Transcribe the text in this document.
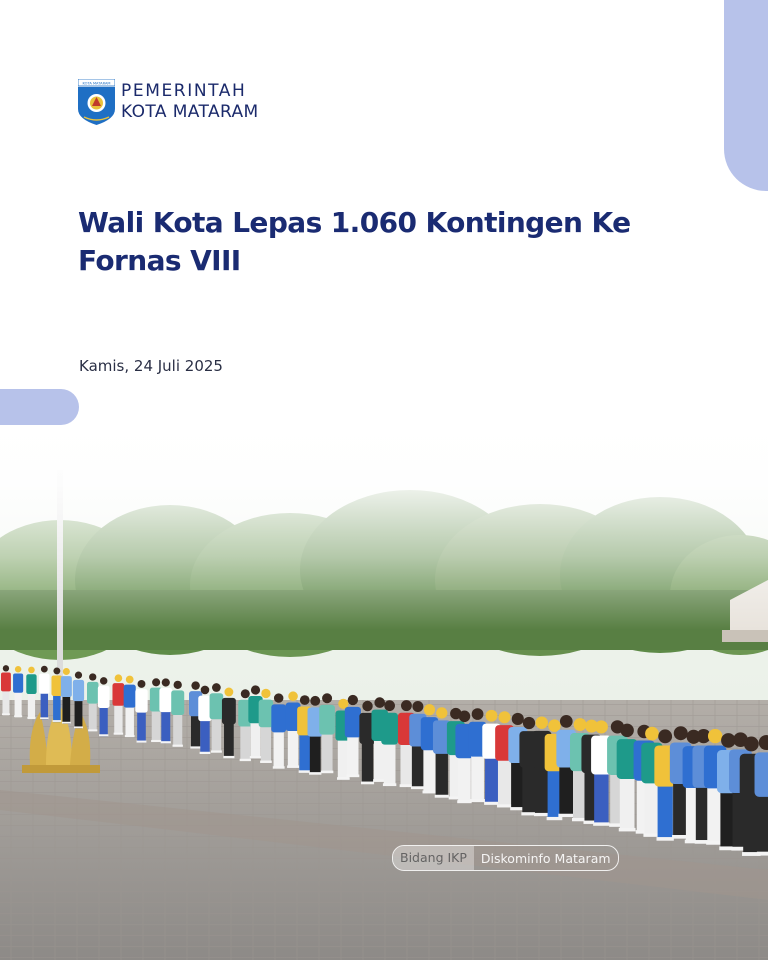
KOTA MATARAM PEMERINTAH
KOTA MATARAM
Wali Kota Lepas 1.060 Kontingen Ke Fornas VIII
Kamis, 24 Juli 2025
Bidang IKP	Diskominfo Mataram
